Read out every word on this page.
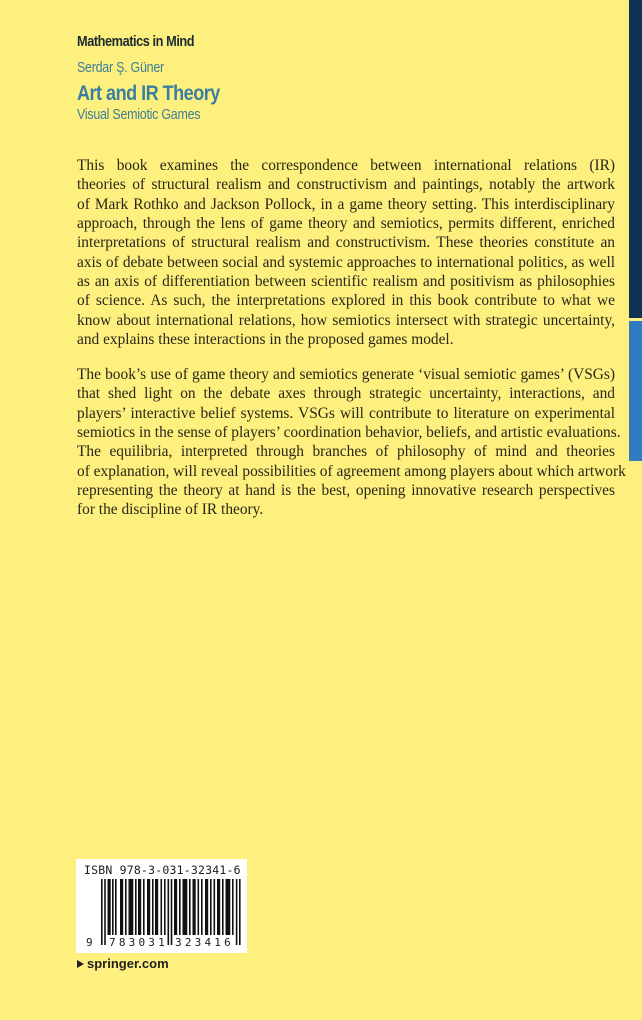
Mathematics in Mind
Serdar Ş. Güner
Art and IR Theory
Visual Semiotic Games

This book examines the correspondence between international relations (IR)
theories of structural realism and constructivism and paintings, notably the artwork
of Mark Rothko and Jackson Pollock, in a game theory setting. This interdisciplinary
approach, through the lens of game theory and semiotics, permits different, enriched
interpretations of structural realism and constructivism. These theories constitute an
axis of debate between social and systemic approaches to international politics, as well
as an axis of differentiation between scientific realism and positivism as philosophies
of science. As such, the interpretations explored in this book contribute to what we
know about international relations, how semiotics intersect with strategic uncertainty,
and explains these interactions in the proposed games model.

The book’s use of game theory and semiotics generate ‘visual semiotic games’ (VSGs)
that shed light on the debate axes through strategic uncertainty, interactions, and
players’ interactive belief systems. VSGs will contribute to literature on experimental
semiotics in the sense of players’ coordination behavior, beliefs, and artistic evaluations.
The equilibria, interpreted through branches of philosophy of mind and theories
of explanation, will reveal possibilities of agreement among players about which artwork
representing the theory at hand is the best, opening innovative research perspectives
for the discipline of IR theory.

ISBN 978-3-031-32341-6
9 783031 323416
springer.com
